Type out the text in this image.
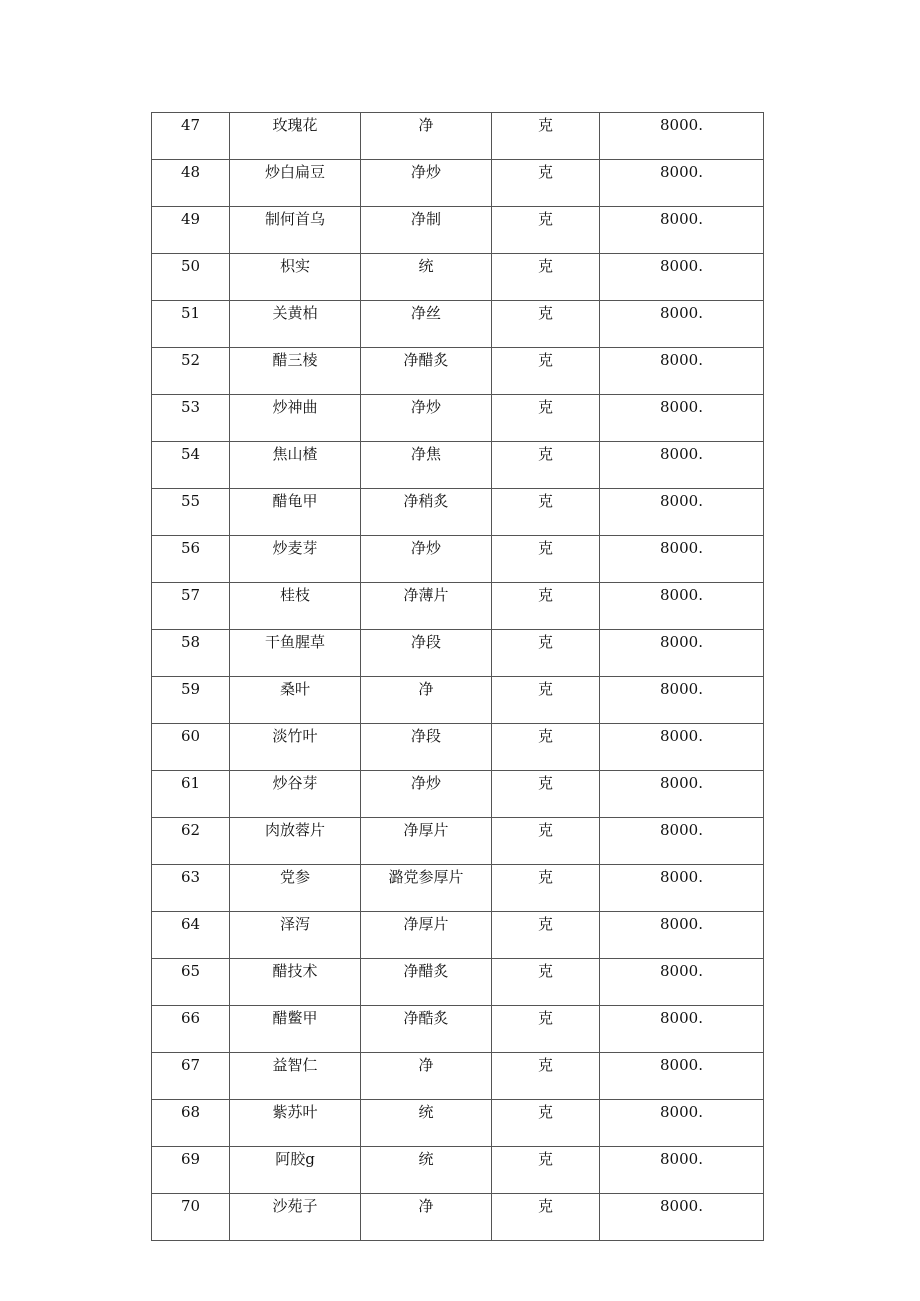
47	玫瑰花	净	克	8000.
48	炒白扁豆	净炒	克	8000.
49	制何首乌	净制	克	8000.
50	枳实	统	克	8000.
51	关黄柏	净丝	克	8000.
52	醋三棱	净醋炙	克	8000.
53	炒神曲	净炒	克	8000.
54	焦山楂	净焦	克	8000.
55	醋龟甲	净稍炙	克	8000.
56	炒麦芽	净炒	克	8000.
57	桂枝	净薄片	克	8000.
58	干鱼腥草	净段	克	8000.
59	桑叶	净	克	8000.
60	淡竹叶	净段	克	8000.
61	炒谷芽	净炒	克	8000.
62	肉放蓉片	净厚片	克	8000.
63	党参	潞党参厚片	克	8000.
64	泽泻	净厚片	克	8000.
65	醋技术	净醋炙	克	8000.
66	醋鳖甲	净酷炙	克	8000.
67	益智仁	净	克	8000.
68	紫苏叶	统	克	8000.
69	阿胶g	统	克	8000.
70	沙苑子	净	克	8000.
